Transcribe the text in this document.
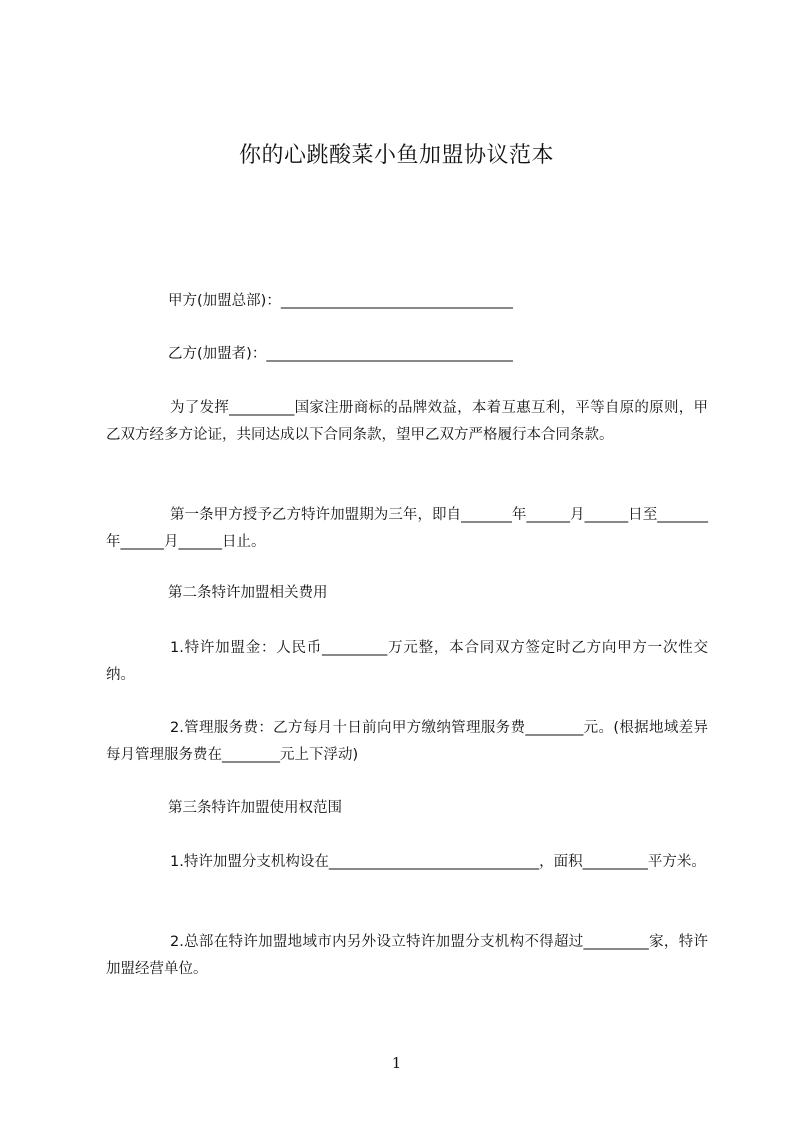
你的心跳酸菜小鱼加盟协议范本
甲方(加盟总部)：________________________________
乙方(加盟者)：__________________________________
为了发挥_________国家注册商标的品牌效益，本着互惠互利，平等自原的原则，甲乙双方经多方论证，共同达成以下合同条款，望甲乙双方严格履行本合同条款。
第一条甲方授予乙方特许加盟期为三年，即自_______年______月______日至_______年______月______日止。
第二条特许加盟相关费用
1.特许加盟金：人民币_________万元整，本合同双方签定时乙方向甲方一次性交纳。
2.管理服务费：乙方每月十日前向甲方缴纳管理服务费________元。(根据地域差异每月管理服务费在________元上下浮动)
第三条特许加盟使用权范围
1.特许加盟分支机构设在_____________________________，面积_________平方米。
2.总部在特许加盟地域市内另外设立特许加盟分支机构不得超过_________家，特许加盟经营单位。
1
